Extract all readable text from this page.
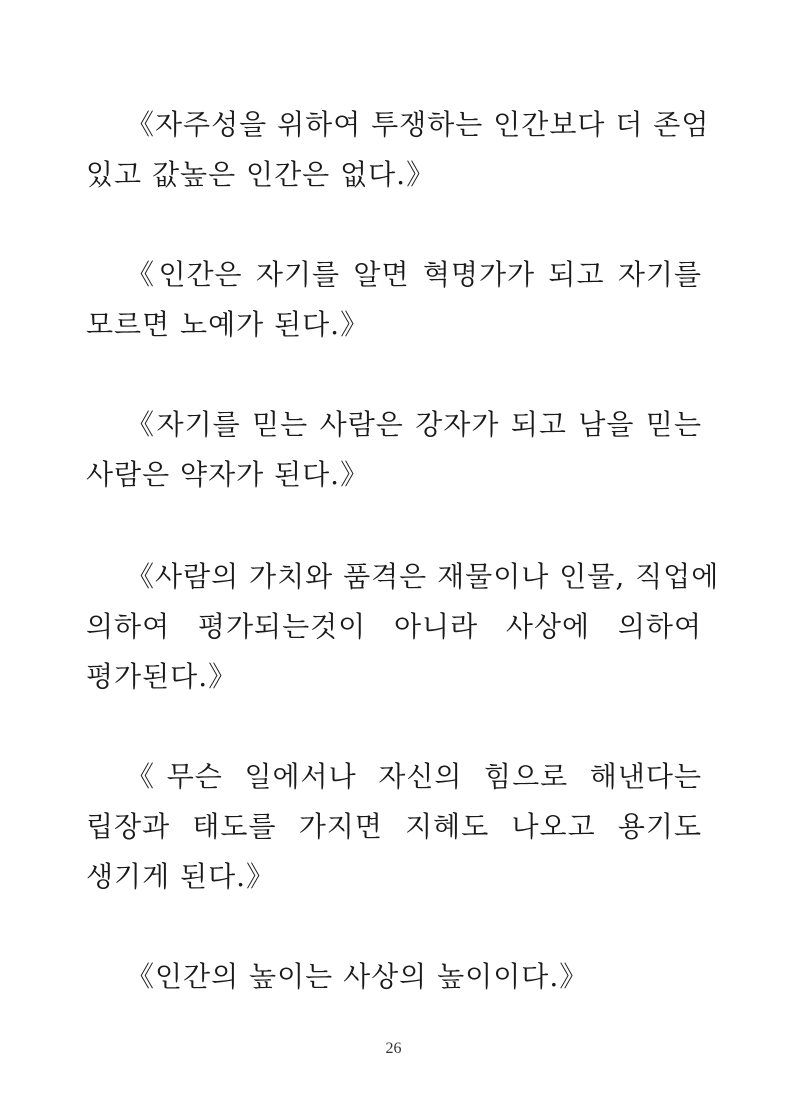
《자주성을 위하여 투쟁하는 인간보다 더 존엄
있고 값높은 인간은 없다.》
《인간은 자기를 알면 혁명가가 되고 자기를
모르면 노예가 된다.》
《자기를 믿는 사람은 강자가 되고 남을 믿는
사람은 약자가 된다.》
《사람의 가치와 품격은 재물이나 인물, 직업에
의하여 평가되는것이 아니라 사상에 의하여
평가된다.》
《무슨 일에서나 자신의 힘으로 해낸다는
립장과 태도를 가지면 지혜도 나오고 용기도
생기게 된다.》
《인간의 높이는 사상의 높이이다.》
26
